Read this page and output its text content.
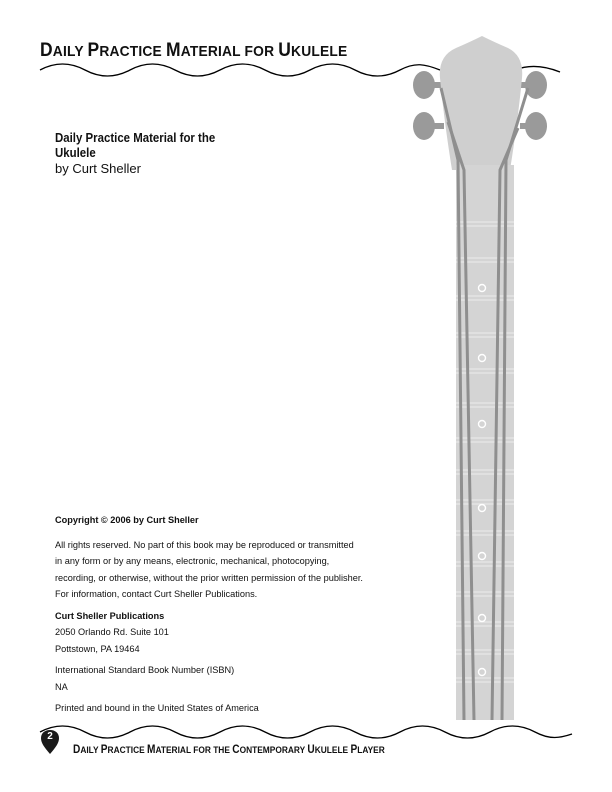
DAILY PRACTICE MATERIAL FOR UKULELE
Daily Practice Material for the
Ukulele
by Curt Sheller

Copyright © 2006 by Curt Sheller

All rights reserved. No part of this book may be reproduced or transmitted

in any form or by any means, electronic, mechanical, photocopying,

recording, or otherwise, without the prior written permission of the publisher.

For information, contact Curt Sheller Publications.

Curt Sheller Publications

2050 Orlando Rd. Suite 101

Pottstown, PA 19464

International Standard Book Number (ISBN)

NA

Printed and bound in the United States of America

2
DAILY PRACTICE MATERIAL FOR THE CONTEMPORARY UKULELE PLAYER
